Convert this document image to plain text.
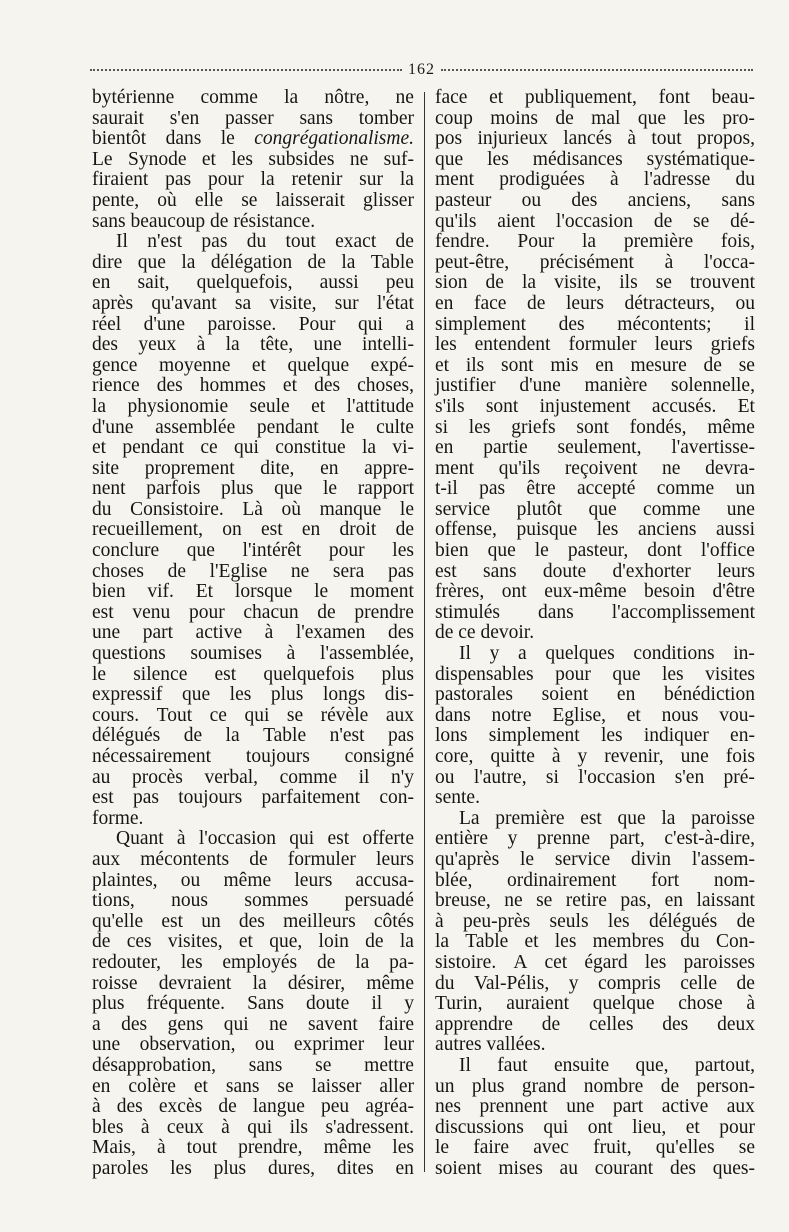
162
bytérienne comme la nôtre, ne
saurait s'en passer sans tomber
bientôt dans le congrégationalisme.
Le Synode et les subsides ne suf-
firaient pas pour la retenir sur la
pente, où elle se laisserait glisser
sans beaucoup de résistance.
Il n'est pas du tout exact de
dire que la délégation de la Table
en sait, quelquefois, aussi peu
après qu'avant sa visite, sur l'état
réel d'une paroisse. Pour qui a
des yeux à la tête, une intelli-
gence moyenne et quelque expé-
rience des hommes et des choses,
la physionomie seule et l'attitude
d'une assemblée pendant le culte
et pendant ce qui constitue la vi-
site proprement dite, en appre-
nent parfois plus que le rapport
du Consistoire. Là où manque le
recueillement, on est en droit de
conclure que l'intérêt pour les
choses de l'Eglise ne sera pas
bien vif. Et lorsque le moment
est venu pour chacun de prendre
une part active à l'examen des
questions soumises à l'assemblée,
le silence est quelquefois plus
expressif que les plus longs dis-
cours. Tout ce qui se révèle aux
délégués de la Table n'est pas
nécessairement toujours consigné
au procès verbal, comme il n'y
est pas toujours parfaitement con-
forme.
Quant à l'occasion qui est offerte
aux mécontents de formuler leurs
plaintes, ou même leurs accusa-
tions, nous sommes persuadé
qu'elle est un des meilleurs côtés
de ces visites, et que, loin de la
redouter, les employés de la pa-
roisse devraient la désirer, même
plus fréquente. Sans doute il y
a des gens qui ne savent faire
une observation, ou exprimer leur
désapprobation, sans se mettre
en colère et sans se laisser aller
à des excès de langue peu agréa-
bles à ceux à qui ils s'adressent.
Mais, à tout prendre, même les
paroles les plus dures, dites en
face et publiquement, font beau-
coup moins de mal que les pro-
pos injurieux lancés à tout propos,
que les médisances systématique-
ment prodiguées à l'adresse du
pasteur ou des anciens, sans
qu'ils aient l'occasion de se dé-
fendre. Pour la première fois,
peut-être, précisément à l'occa-
sion de la visite, ils se trouvent
en face de leurs détracteurs, ou
simplement des mécontents; il
les entendent formuler leurs griefs
et ils sont mis en mesure de se
justifier d'une manière solennelle,
s'ils sont injustement accusés. Et
si les griefs sont fondés, même
en partie seulement, l'avertisse-
ment qu'ils reçoivent ne devra-
t-il pas être accepté comme un
service plutôt que comme une
offense, puisque les anciens aussi
bien que le pasteur, dont l'office
est sans doute d'exhorter leurs
frères, ont eux-même besoin d'être
stimulés dans l'accomplissement
de ce devoir.
Il y a quelques conditions in-
dispensables pour que les visites
pastorales soient en bénédiction
dans notre Eglise, et nous vou-
lons simplement les indiquer en-
core, quitte à y revenir, une fois
ou l'autre, si l'occasion s'en pré-
sente.
La première est que la paroisse
entière y prenne part, c'est-à-dire,
qu'après le service divin l'assem-
blée, ordinairement fort nom-
breuse, ne se retire pas, en laissant
à peu-près seuls les délégués de
la Table et les membres du Con-
sistoire. A cet égard les paroisses
du Val-Pélis, y compris celle de
Turin, auraient quelque chose à
apprendre de celles des deux
autres vallées.
Il faut ensuite que, partout,
un plus grand nombre de person-
nes prennent une part active aux
discussions qui ont lieu, et pour
le faire avec fruit, qu'elles se
soient mises au courant des ques-
